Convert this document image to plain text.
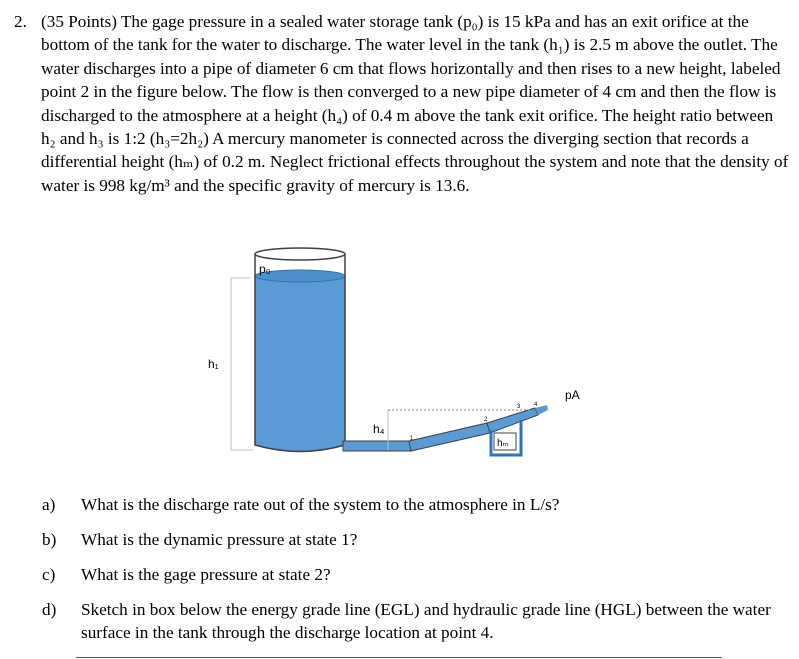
2. (35 Points) The gage pressure in a sealed water storage tank (p₀) is 15 kPa and has an exit orifice at the bottom of the tank for the water to discharge. The water level in the tank (h₁) is 2.5 m above the outlet. The water discharges into a pipe of diameter 6 cm that flows horizontally and then rises to a new height, labeled point 2 in the figure below. The flow is then converged to a new pipe diameter of 4 cm and then the flow is discharged to the atmosphere at a height (h₄) of 0.4 m above the tank exit orifice. The height ratio between h₂ and h₃ is 1:2 (h₃=2h₂) A mercury manometer is connected across the diverging section that records a differential height (hₘ) of 0.2 m. Neglect frictional effects throughout the system and note that the density of water is 998 kg/m³ and the specific gravity of mercury is 13.6.
p₀
h₁
h₄
hₘ
pA
1
2
3 4
a) What is the discharge rate out of the system to the atmosphere in L/s?
b) What is the dynamic pressure at state 1?
c) What is the gage pressure at state 2?
d) Sketch in box below the energy grade line (EGL) and hydraulic grade line (HGL) between the water surface in the tank through the discharge location at point 4.
